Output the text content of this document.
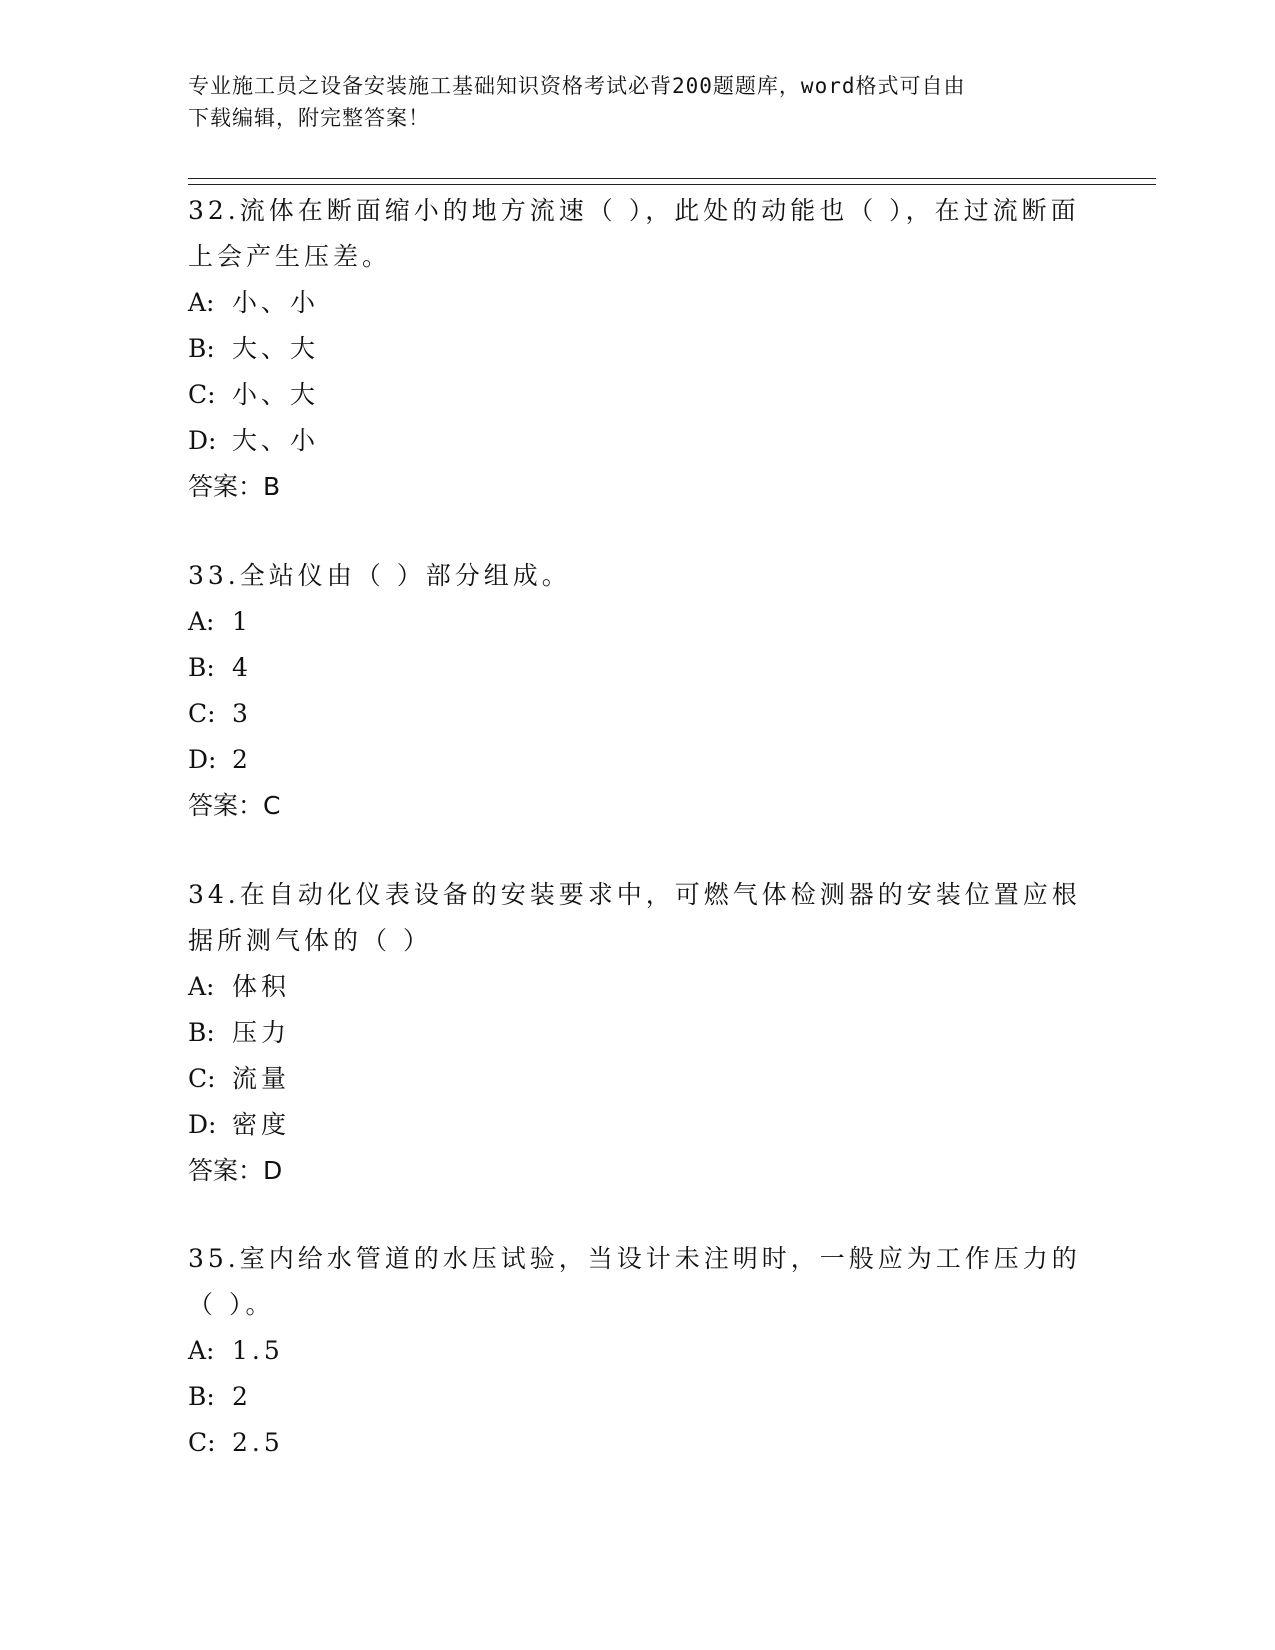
专业施工员之设备安装施工基础知识资格考试必背200题题库，word格式可自由
下载编辑，附完整答案！
32.流体在断面缩小的地方流速（ ），此处的动能也（ ），在过流断面上会产生压差。
A: 小、小
B: 大、大
C: 小、大
D: 大、小
答案：B
33.全站仪由（ ）部分组成。
A: 1
B: 4
C: 3
D: 2
答案：C
34.在自动化仪表设备的安装要求中，可燃气体检测器的安装位置应根据所测气体的（ ）
A: 体积
B: 压力
C: 流量
D: 密度
答案：D
35.室内给水管道的水压试验，当设计未注明时，一般应为工作压力的（ ）。
A: 1.5
B: 2
C: 2.5
